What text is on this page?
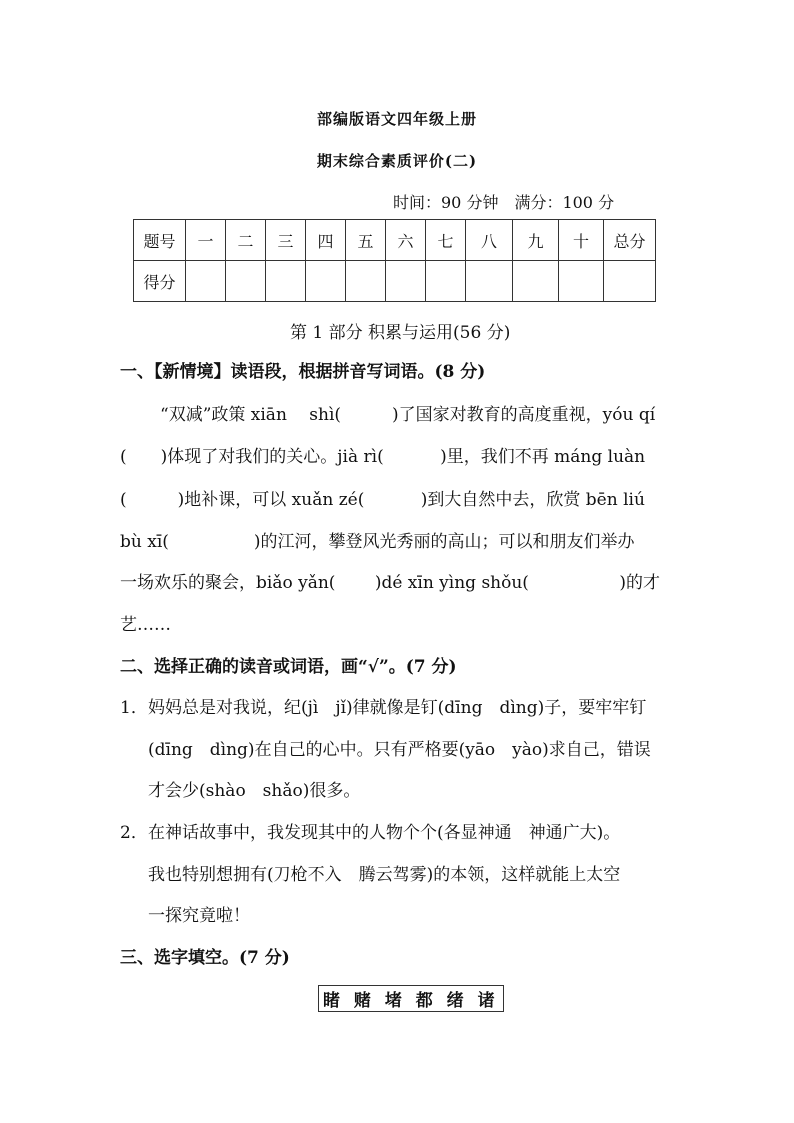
部编版语文四年级上册
期末综合素质评价(二)
时间：90 分钟　满分：100 分
题号	一	二	三	四	五	六	七	八	九	十	总分
得分											
第 1 部分 积累与运用(56 分)
一、【新情境】读语段，根据拼音写词语。(8 分)
“双减”政策 xiān　 shì(　　　)了国家对教育的高度重视，yóu qí
(　　)体现了对我们的关心。jià rì(　　　 )里，我们不再 máng luàn
(　　　)地补课，可以 xuǎn zé(　　　 )到大自然中去，欣赏 bēn liú
bù xī(　　　　　)的江河，攀登风光秀丽的高山；可以和朋友们举办
一场欢乐的聚会，biǎo yǎn(　　 )dé xīn yìng shǒu(　　　　　 )的才
艺……
二、选择正确的读音或词语，画“√”。(7 分)
1． 妈妈总是对我说，纪(jì　jǐ)律就像是钉(dīng　dìng)子，要牢牢钉
(dīng　dìng)在自己的心中。只有严格要(yāo　yào)求自己，错误
才会少(shào　shǎo)很多。
2． 在神话故事中，我发现其中的人物个个(各显神通　神通广大)。
我也特别想拥有(刀枪不入　腾云驾雾)的本领，这样就能上太空
一探究竟啦！
三、选字填空。(7 分)
睹 赌 堵 都 绪 诸
